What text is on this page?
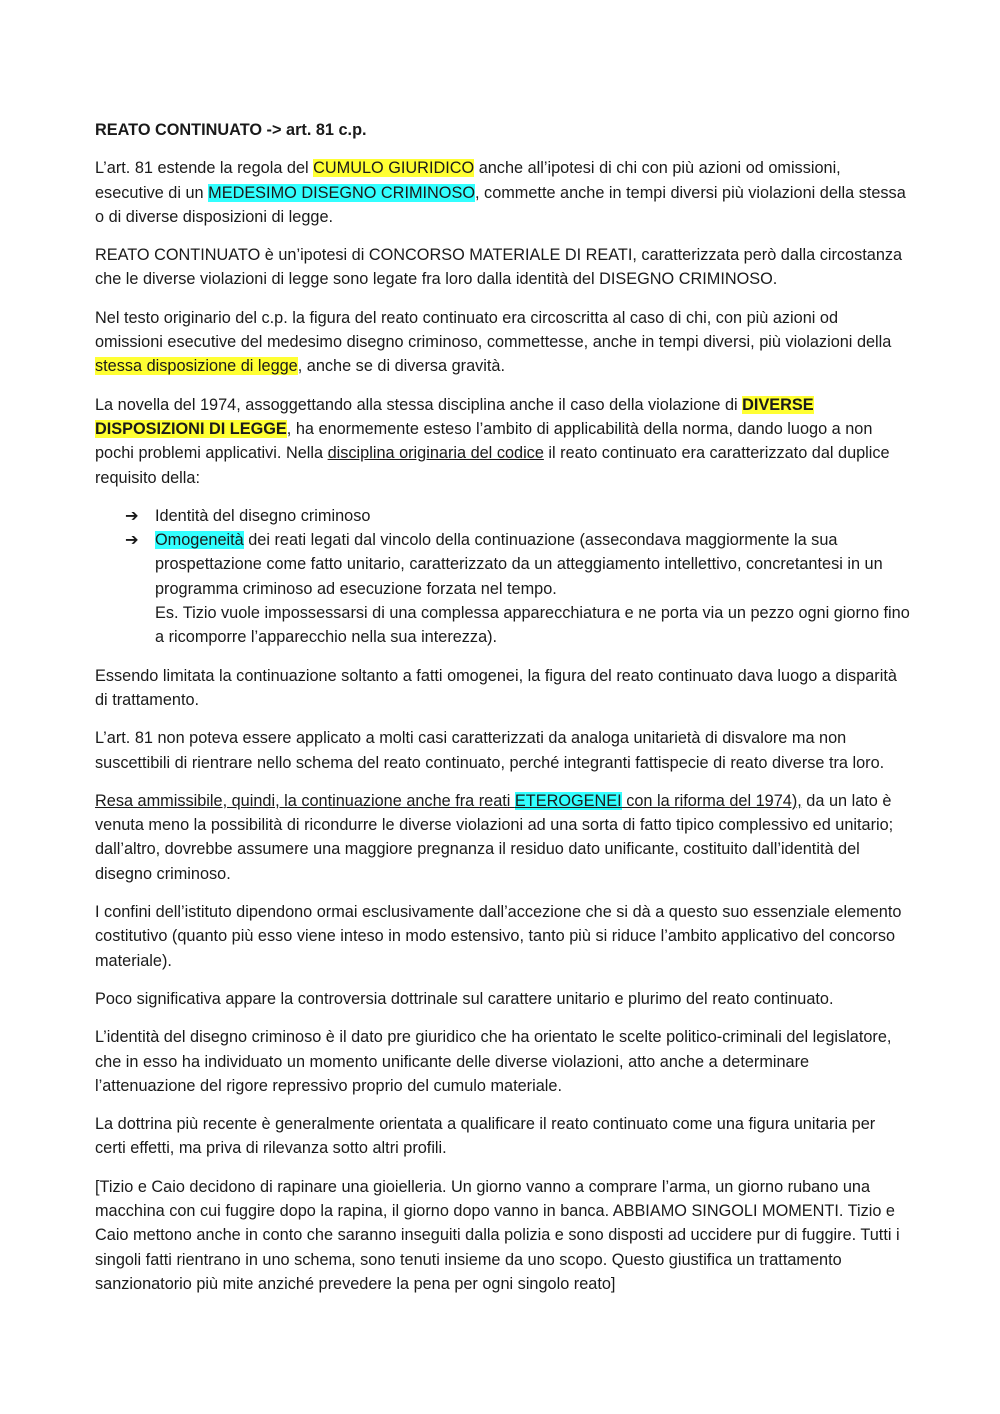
REATO CONTINUATO -> art. 81 c.p.

L’art. 81 estende la regola del CUMULO GIURIDICO anche all’ipotesi di chi con più azioni od omissioni, esecutive di un MEDESIMO DISEGNO CRIMINOSO, commette anche in tempi diversi più violazioni della stessa o di diverse disposizioni di legge.

REATO CONTINUATO è un’ipotesi di CONCORSO MATERIALE DI REATI, caratterizzata però dalla circostanza che le diverse violazioni di legge sono legate fra loro dalla identità del DISEGNO CRIMINOSO.

Nel testo originario del c.p. la figura del reato continuato era circoscritta al caso di chi, con più azioni od omissioni esecutive del medesimo disegno criminoso, commettesse, anche in tempi diversi, più violazioni della stessa disposizione di legge, anche se di diversa gravità.

La novella del 1974, assoggettando alla stessa disciplina anche il caso della violazione di DIVERSE DISPOSIZIONI DI LEGGE, ha enormemente esteso l’ambito di applicabilità della norma, dando luogo a non pochi problemi applicativi. Nella disciplina originaria del codice il reato continuato era caratterizzato dal duplice requisito della:

➔ Identità del disegno criminoso
➔ Omogeneità dei reati legati dal vincolo della continuazione (assecondava maggiormente la sua prospettazione come fatto unitario, caratterizzato da un atteggiamento intellettivo, concretantesi in un programma criminoso ad esecuzione forzata nel tempo.
Es. Tizio vuole impossessarsi di una complessa apparecchiatura e ne porta via un pezzo ogni giorno fino a ricomporre l’apparecchio nella sua interezza).

Essendo limitata la continuazione soltanto a fatti omogenei, la figura del reato continuato dava luogo a disparità di trattamento.

L’art. 81 non poteva essere applicato a molti casi caratterizzati da analoga unitarietà di disvalore ma non suscettibili di rientrare nello schema del reato continuato, perché integranti fattispecie di reato diverse tra loro.

Resa ammissibile, quindi, la continuazione anche fra reati ETEROGENEI con la riforma del 1974), da un lato è venuta meno la possibilità di ricondurre le diverse violazioni ad una sorta di fatto tipico complessivo ed unitario; dall’altro, dovrebbe assumere una maggiore pregnanza il residuo dato unificante, costituito dall’identità del disegno criminoso.

I confini dell’istituto dipendono ormai esclusivamente dall’accezione che si dà a questo suo essenziale elemento costitutivo (quanto più esso viene inteso in modo estensivo, tanto più si riduce l’ambito applicativo del concorso materiale).

Poco significativa appare la controversia dottrinale sul carattere unitario e plurimo del reato continuato.

L’identità del disegno criminoso è il dato pre giuridico che ha orientato le scelte politico-criminali del legislatore, che in esso ha individuato un momento unificante delle diverse violazioni, atto anche a determinare l’attenuazione del rigore repressivo proprio del cumulo materiale.

La dottrina più recente è generalmente orientata a qualificare il reato continuato come una figura unitaria per certi effetti, ma priva di rilevanza sotto altri profili.

[Tizio e Caio decidono di rapinare una gioielleria. Un giorno vanno a comprare l’arma, un giorno rubano una macchina con cui fuggire dopo la rapina, il giorno dopo vanno in banca. ABBIAMO SINGOLI MOMENTI. Tizio e Caio mettono anche in conto che saranno inseguiti dalla polizia e sono disposti ad uccidere pur di fuggire. Tutti i singoli fatti rientrano in uno schema, sono tenuti insieme da uno scopo. Questo giustifica un trattamento sanzionatorio più mite anziché prevedere la pena per ogni singolo reato]
